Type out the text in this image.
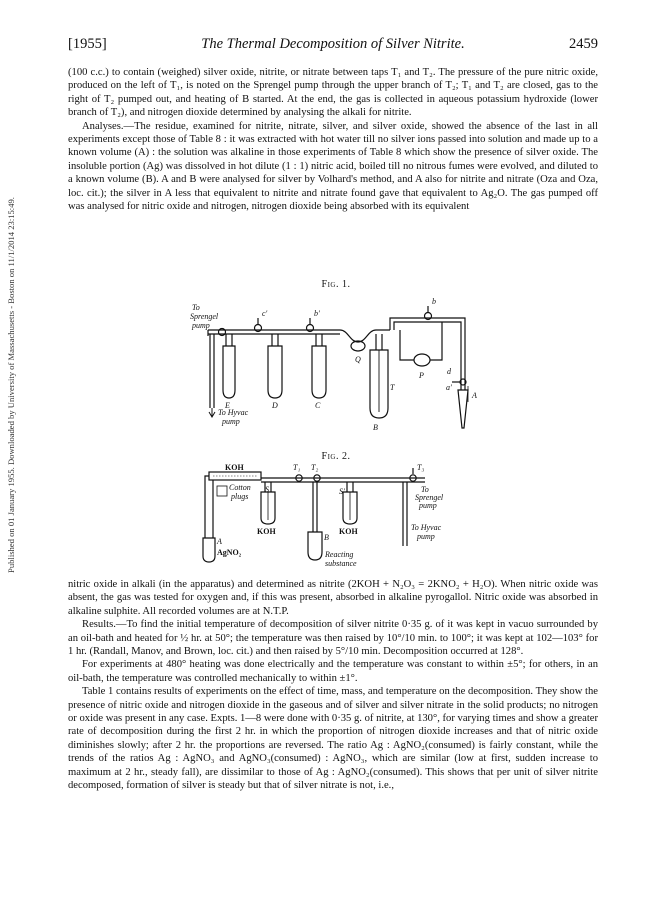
Published on 01 January 1955. Downloaded by University of Massachusetts - Boston on 11/1/2014 23:15:49.
[1955]	The Thermal Decomposition of Silver Nitrite.	2459

(100 c.c.) to contain (weighed) silver oxide, nitrite, or nitrate between taps T₁ and T₂. The pressure of the pure nitric oxide, produced on the left of T₁, is noted on the Sprengel pump through the upper branch of T₂; T₁ and T₂ are closed, gas to the right of T₂ pumped out, and heating of B started. At the end, the gas is collected in aqueous potassium hydroxide (lower branch of T₂), and nitrogen dioxide determined by analysing the alkali for nitrite.

Analyses.—The residue, examined for nitrite, nitrate, silver, and silver oxide, showed the absence of the last in all experiments except those of Table 8 : it was extracted with hot water till no silver ions passed into solution and made up to a known volume (A) : the solution was alkaline in those experiments of Table 8 which show the presence of silver oxide. The insoluble portion (Ag) was dissolved in hot dilute (1 : 1) nitric acid, boiled till no nitrous fumes were evolved, and diluted to a known volume (B). A and B were analysed for silver by Volhard's method, and A also for nitrite and nitrate (Oza and Oza, loc. cit.); the silver in A less that equivalent to nitrite and nitrate found gave that equivalent to Ag₂O. The gas pumped off was analysed for nitric oxide and nitrogen, nitrogen dioxide being absorbed with its equivalent

Fig. 1.
To
Sprengel
pump
To Hyvac
pump
c′	b′
b
E	D	C
Q
P
T
B
d
a′
A
Fig. 2.
KOH
Cotton
plugs
S	S′
T₁ T₂	T₃
To
Sprengel
pump
To Hyvac
pump
KOH	KOH
A
AgNO₂
B
Reacting
substance

nitric oxide in alkali (in the apparatus) and determined as nitrite (2KOH + N₂O₃ = 2KNO₂ + H₂O). When nitric oxide was absent, the gas was tested for oxygen and, if this was present, absorbed in alkaline pyrogallol. Nitric oxide was absorbed in alkaline sulphite. All recorded volumes are at N.T.P.

Results.—To find the initial temperature of decomposition of silver nitrite 0·35 g. of it was kept in vacuo surrounded by an oil-bath and heated for ½ hr. at 50°; the temperature was then raised by 10°/10 min. to 100°; it was kept at 102—103° for 1 hr. (Randall, Manov, and Brown, loc. cit.) and then raised by 5°/10 min. Decomposition occurred at 128°.

For experiments at 480° heating was done electrically and the temperature was constant to within ±5°; for others, in an oil-bath, the temperature was controlled mechanically to within ±1°.

Table 1 contains results of experiments on the effect of time, mass, and temperature on the decomposition. They show the presence of nitric oxide and nitrogen dioxide in the gaseous and of silver and silver nitrate in the solid products; no nitrogen or oxide was present in any case. Expts. 1—8 were done with 0·35 g. of nitrite, at 130°, for varying times and show a greater rate of decomposition during the first 2 hr. in which the proportion of nitrogen dioxide increases and that of nitric oxide diminishes slowly; after 2 hr. the proportions are reversed. The ratio Ag : AgNO₂(consumed) is fairly constant, while the trends of the ratios Ag : AgNO₃ and AgNO₃(consumed) : AgNO₃, which are similar (low at first, sudden increase to maximum at 2 hr., steady fall), are dissimilar to those of Ag : AgNO₂(consumed). This shows that per unit of silver nitrite decomposed, formation of silver is steady but that of silver nitrate is not, i.e.,
